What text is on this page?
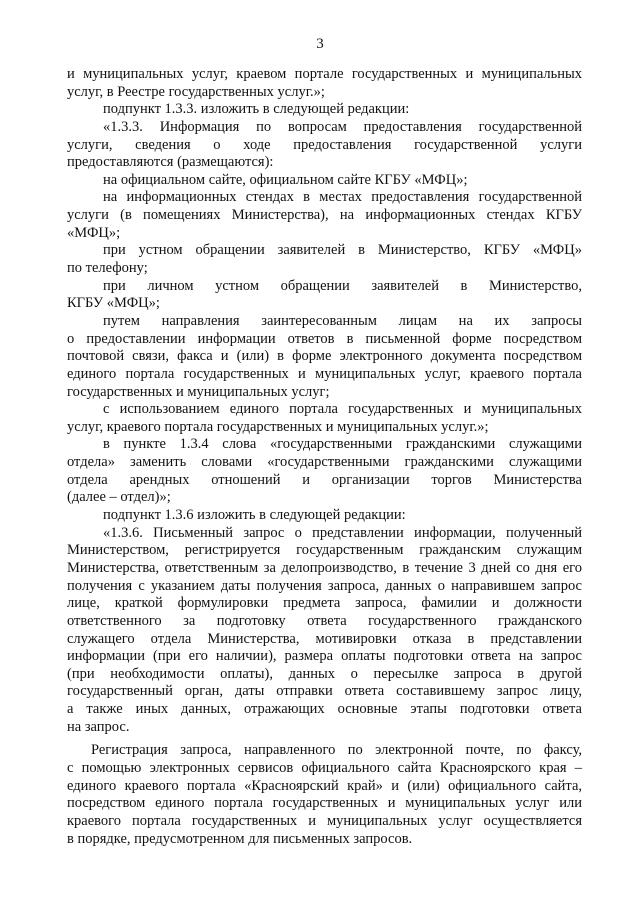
3
и муниципальных услуг, краевом портале государственных и муниципальных
услуг, в Реестре государственных услуг.»;
подпункт 1.3.3. изложить в следующей редакции:
«1.3.3. Информация по вопросам предоставления государственной
услуги, сведения о ходе предоставления государственной услуги
предоставляются (размещаются):
на официальном сайте, официальном сайте КГБУ «МФЦ»;
на информационных стендах в местах предоставления государственной
услуги (в помещениях Министерства), на информационных стендах КГБУ
«МФЦ»;
при устном обращении заявителей в Министерство, КГБУ «МФЦ»
по телефону;
при личном устном обращении заявителей в Министерство,
КГБУ «МФЦ»;
путем направления заинтересованным лицам на их запросы
о предоставлении информации ответов в письменной форме посредством
почтовой связи, факса и (или) в форме электронного документа посредством
единого портала государственных и муниципальных услуг, краевого портала
государственных и муниципальных услуг;
с использованием единого портала государственных и муниципальных
услуг, краевого портала государственных и муниципальных услуг.»;
в пункте 1.3.4 слова «государственными гражданскими служащими
отдела» заменить словами «государственными гражданскими служащими
отдела арендных отношений и организации торгов Министерства
(далее – отдел)»;
подпункт 1.3.6 изложить в следующей редакции:
«1.3.6. Письменный запрос о представлении информации, полученный
Министерством, регистрируется государственным гражданским служащим
Министерства, ответственным за делопроизводство, в течение 3 дней со дня его
получения с указанием даты получения запроса, данных о направившем запрос
лице, краткой формулировки предмета запроса, фамилии и должности
ответственного за подготовку ответа государственного гражданского
служащего отдела Министерства, мотивировки отказа в представлении
информации (при его наличии), размера оплаты подготовки ответа на запрос
(при необходимости оплаты), данных о пересылке запроса в другой
государственный орган, даты отправки ответа составившему запрос лицу,
а также иных данных, отражающих основные этапы подготовки ответа
на запрос.
Регистрация запроса, направленного по электронной почте, по факсу,
с помощью электронных сервисов официального сайта Красноярского края –
единого краевого портала «Красноярский край» и (или) официального сайта,
посредством единого портала государственных и муниципальных услуг или
краевого портала государственных и муниципальных услуг осуществляется
в порядке, предусмотренном для письменных запросов.
